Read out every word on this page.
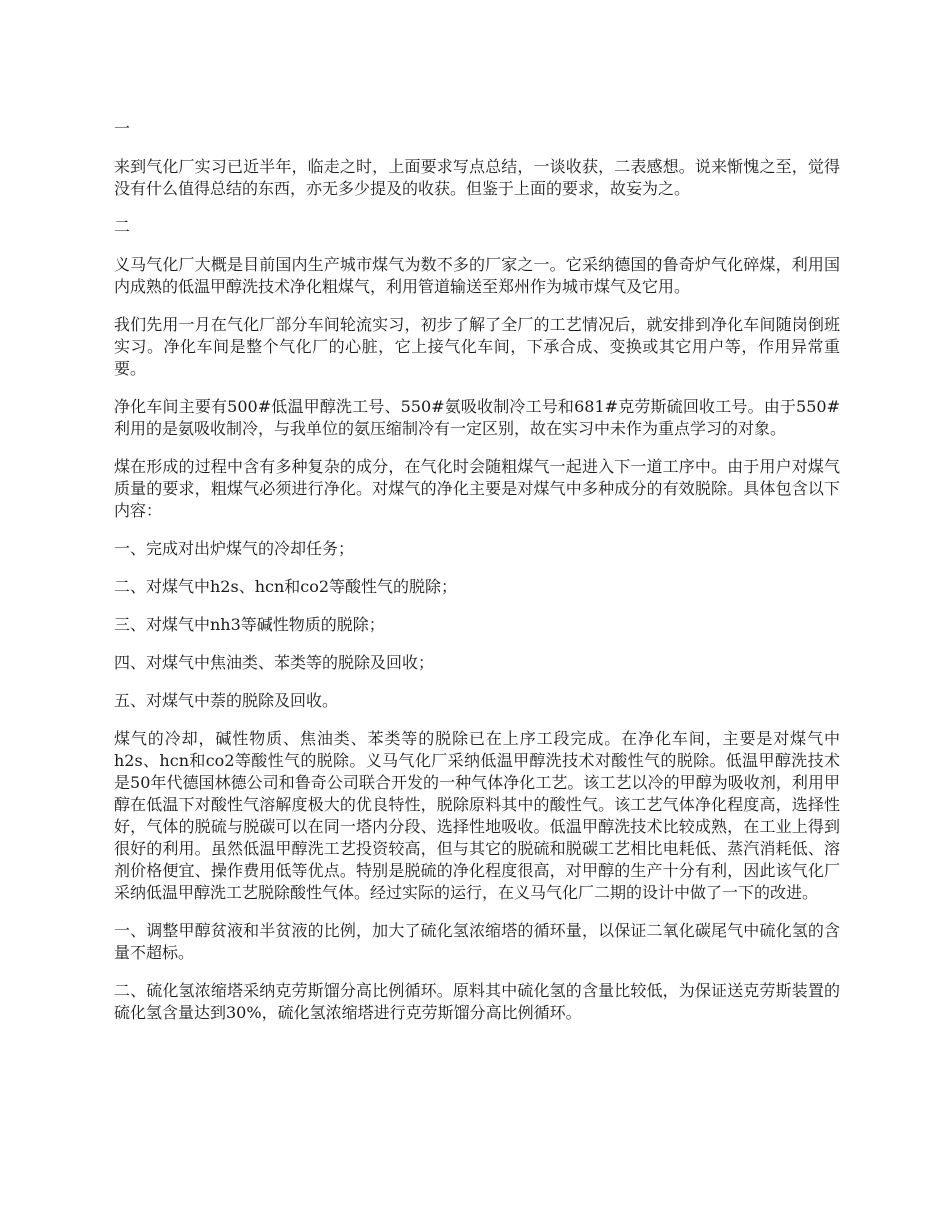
一

来到气化厂实习已近半年，临走之时，上面要求写点总结，一谈收获，二表感想。说来惭愧之至，觉得没有什么值得总结的东西，亦无多少提及的收获。但鉴于上面的要求，故妄为之。

二

义马气化厂大概是目前国内生产城市煤气为数不多的厂家之一。它采纳德国的鲁奇炉气化碎煤，利用国内成熟的低温甲醇洗技术净化粗煤气，利用管道输送至郑州作为城市煤气及它用。

我们先用一月在气化厂部分车间轮流实习，初步了解了全厂的工艺情况后，就安排到净化车间随岗倒班实习。净化车间是整个气化厂的心脏，它上接气化车间，下承合成、变换或其它用户等，作用异常重要。

净化车间主要有500#低温甲醇洗工号、550#氨吸收制冷工号和681#克劳斯硫回收工号。由于550#利用的是氨吸收制冷，与我单位的氨压缩制冷有一定区别，故在实习中未作为重点学习的对象。

煤在形成的过程中含有多种复杂的成分，在气化时会随粗煤气一起进入下一道工序中。由于用户对煤气质量的要求，粗煤气必须进行净化。对煤气的净化主要是对煤气中多种成分的有效脱除。具体包含以下内容：

一、完成对出炉煤气的冷却任务；

二、对煤气中h2s、hcn和co2等酸性气的脱除；

三、对煤气中nh3等碱性物质的脱除；

四、对煤气中焦油类、苯类等的脱除及回收；

五、对煤气中萘的脱除及回收。

煤气的冷却，碱性物质、焦油类、苯类等的脱除已在上序工段完成。在净化车间，主要是对煤气中h2s、hcn和co2等酸性气的脱除。义马气化厂采纳低温甲醇洗技术对酸性气的脱除。低温甲醇洗技术是50年代德国林德公司和鲁奇公司联合开发的一种气体净化工艺。该工艺以冷的甲醇为吸收剂，利用甲醇在低温下对酸性气溶解度极大的优良特性，脱除原料其中的酸性气。该工艺气体净化程度高，选择性好，气体的脱硫与脱碳可以在同一塔内分段、选择性地吸收。低温甲醇洗技术比较成熟，在工业上得到很好的利用。虽然低温甲醇洗工艺投资较高，但与其它的脱硫和脱碳工艺相比电耗低、蒸汽消耗低、溶剂价格便宜、操作费用低等优点。特别是脱硫的净化程度很高，对甲醇的生产十分有利，因此该气化厂采纳低温甲醇洗工艺脱除酸性气体。经过实际的运行，在义马气化厂二期的设计中做了一下的改进。

一、调整甲醇贫液和半贫液的比例，加大了硫化氢浓缩塔的循环量，以保证二氧化碳尾气中硫化氢的含量不超标。

二、硫化氢浓缩塔采纳克劳斯馏分高比例循环。原料其中硫化氢的含量比较低，为保证送克劳斯装置的硫化氢含量达到30%，硫化氢浓缩塔进行克劳斯馏分高比例循环。
